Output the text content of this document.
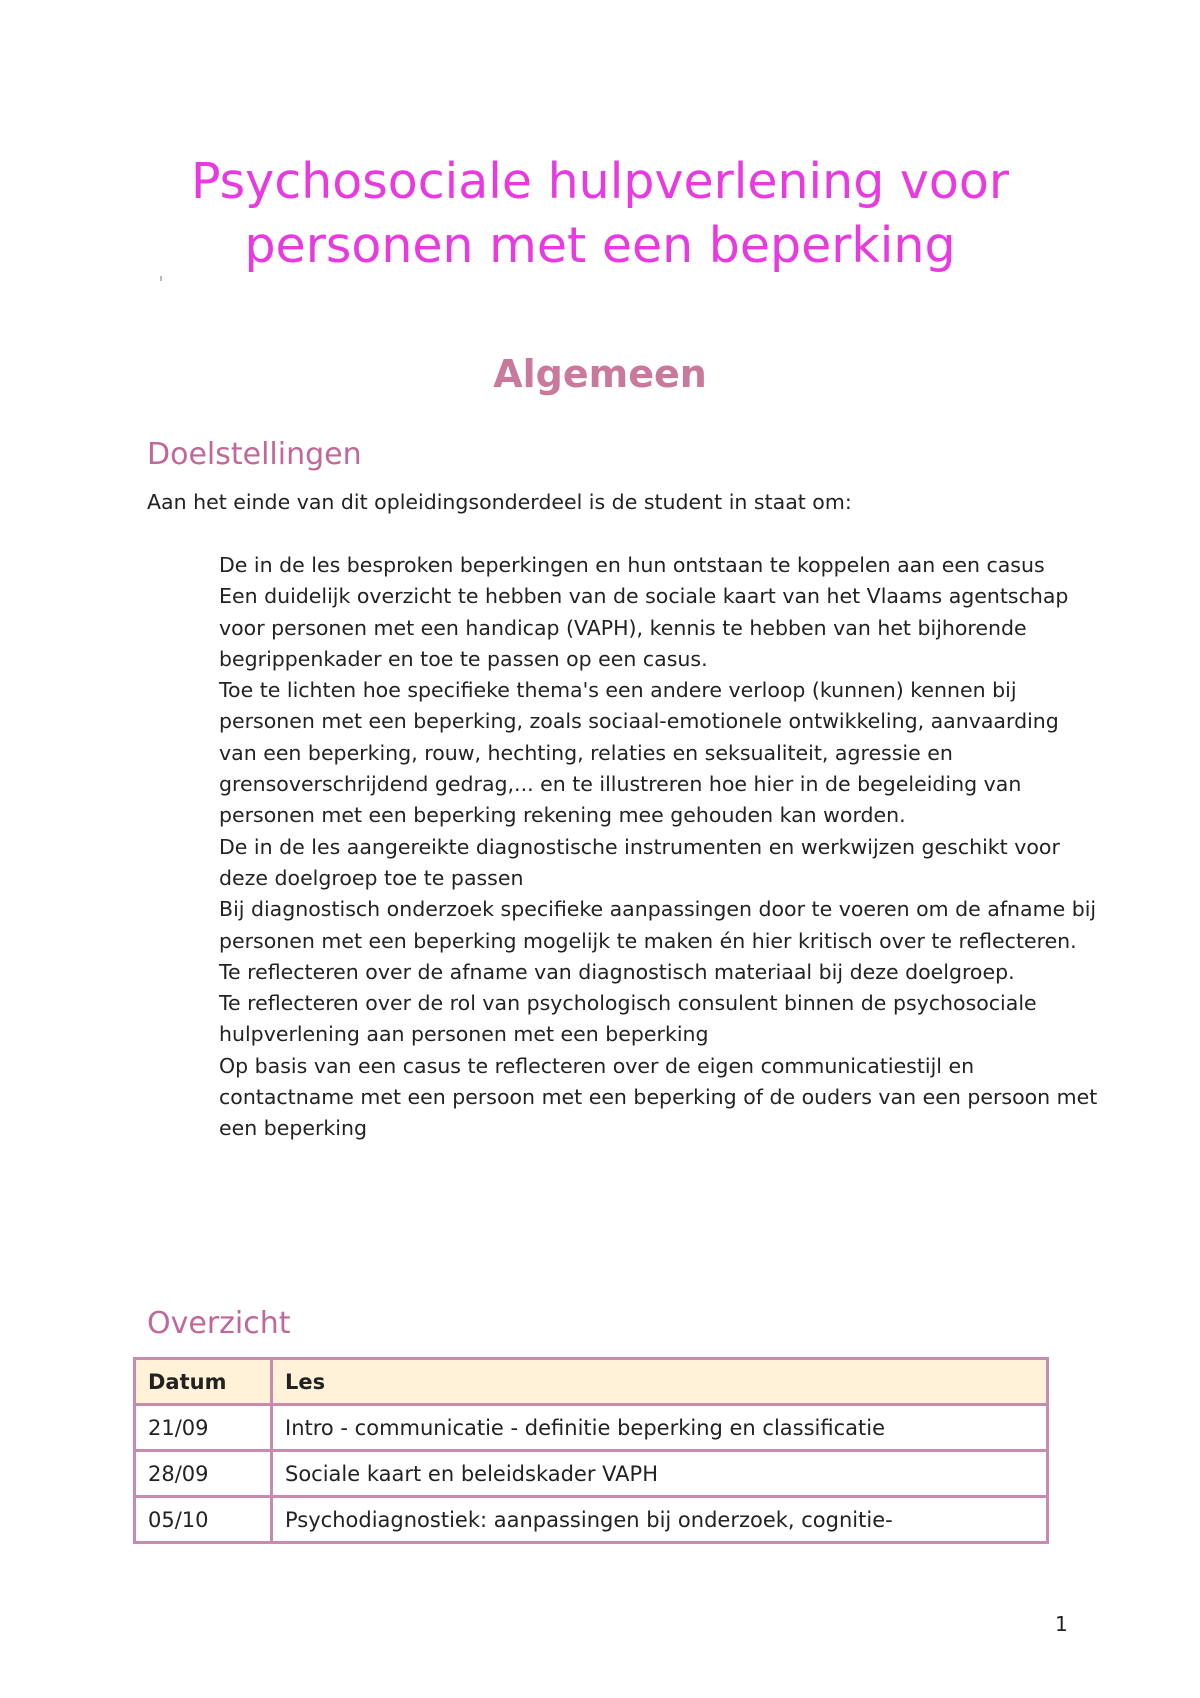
Psychosociale hulpverlening voor personen met een beperking
Algemeen
Doelstellingen

Aan het einde van dit opleidingsonderdeel is de student in staat om:

De in de les besproken beperkingen en hun ontstaan te koppelen aan een casus
Een duidelijk overzicht te hebben van de sociale kaart van het Vlaams agentschap voor personen met een handicap (VAPH), kennis te hebben van het bijhorende begrippenkader en toe te passen op een casus.
Toe te lichten hoe specifieke thema's een andere verloop (kunnen) kennen bij personen met een beperking, zoals sociaal-emotionele ontwikkeling, aanvaarding van een beperking, rouw, hechting, relaties en seksualiteit, agressie en grensoverschrijdend gedrag,... en te illustreren hoe hier in de begeleiding van personen met een beperking rekening mee gehouden kan worden.
De in de les aangereikte diagnostische instrumenten en werkwijzen geschikt voor deze doelgroep toe te passen
Bij diagnostisch onderzoek specifieke aanpassingen door te voeren om de afname bij personen met een beperking mogelijk te maken én hier kritisch over te reflecteren.
Te reflecteren over de afname van diagnostisch materiaal bij deze doelgroep.
Te reflecteren over de rol van psychologisch consulent binnen de psychosociale hulpverlening aan personen met een beperking
Op basis van een casus te reflecteren over de eigen communicatiestijl en contactname met een persoon met een beperking of de ouders van een persoon met een beperking
Overzicht
Datum	Les
21/09	Intro - communicatie - definitie beperking en classificatie
28/09	Sociale kaart en beleidskader VAPH
05/10	Psychodiagnostiek: aanpassingen bij onderzoek, cognitie-
1
